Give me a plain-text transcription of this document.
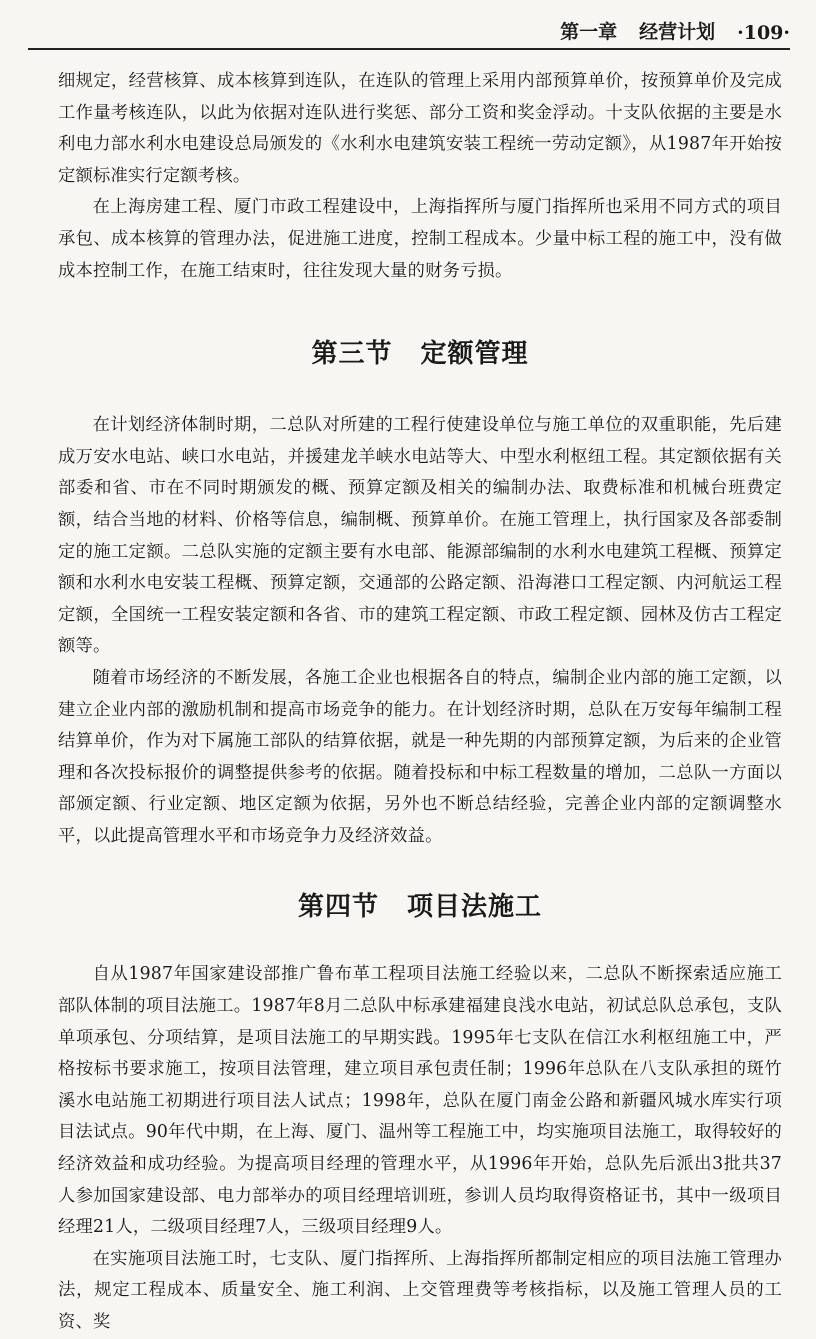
第一章 经营计划 ·109·

细规定，经营核算、成本核算到连队，在连队的管理上采用内部预算单价，按预算单价及完成工作量考核连队，以此为依据对连队进行奖惩、部分工资和奖金浮动。十支队依据的主要是水利电力部水利水电建设总局颁发的《水利水电建筑安装工程统一劳动定额》，从1987年开始按定额标准实行定额考核。

在上海房建工程、厦门市政工程建设中，上海指挥所与厦门指挥所也采用不同方式的项目承包、成本核算的管理办法，促进施工进度，控制工程成本。少量中标工程的施工中，没有做成本控制工作，在施工结束时，往往发现大量的财务亏损。

第三节 定额管理

在计划经济体制时期，二总队对所建的工程行使建设单位与施工单位的双重职能，先后建成万安水电站、峡口水电站，并援建龙羊峡水电站等大、中型水利枢纽工程。其定额依据有关部委和省、市在不同时期颁发的概、预算定额及相关的编制办法、取费标准和机械台班费定额，结合当地的材料、价格等信息，编制概、预算单价。在施工管理上，执行国家及各部委制定的施工定额。二总队实施的定额主要有水电部、能源部编制的水利水电建筑工程概、预算定额和水利水电安装工程概、预算定额，交通部的公路定额、沿海港口工程定额、内河航运工程定额，全国统一工程安装定额和各省、市的建筑工程定额、市政工程定额、园林及仿古工程定额等。

随着市场经济的不断发展，各施工企业也根据各自的特点，编制企业内部的施工定额，以建立企业内部的激励机制和提高市场竞争的能力。在计划经济时期，总队在万安每年编制工程结算单价，作为对下属施工部队的结算依据，就是一种先期的内部预算定额，为后来的企业管理和各次投标报价的调整提供参考的依据。随着投标和中标工程数量的增加，二总队一方面以部颁定额、行业定额、地区定额为依据，另外也不断总结经验，完善企业内部的定额调整水平，以此提高管理水平和市场竞争力及经济效益。

第四节 项目法施工

自从1987年国家建设部推广鲁布革工程项目法施工经验以来，二总队不断探索适应施工部队体制的项目法施工。1987年8月二总队中标承建福建良浅水电站，初试总队总承包，支队单项承包、分项结算，是项目法施工的早期实践。1995年七支队在信江水利枢纽施工中，严格按标书要求施工，按项目法管理，建立项目承包责任制；1996年总队在八支队承担的斑竹溪水电站施工初期进行项目法人试点；1998年，总队在厦门南金公路和新疆风城水库实行项目法试点。90年代中期，在上海、厦门、温州等工程施工中，均实施项目法施工，取得较好的经济效益和成功经验。为提高项目经理的管理水平，从1996年开始，总队先后派出3批共37人参加国家建设部、电力部举办的项目经理培训班，参训人员均取得资格证书，其中一级项目经理21人，二级项目经理7人，三级项目经理9人。

在实施项目法施工时，七支队、厦门指挥所、上海指挥所都制定相应的项目法施工管理办法，规定工程成本、质量安全、施工利润、上交管理费等考核指标，以及施工管理人员的工资、奖
